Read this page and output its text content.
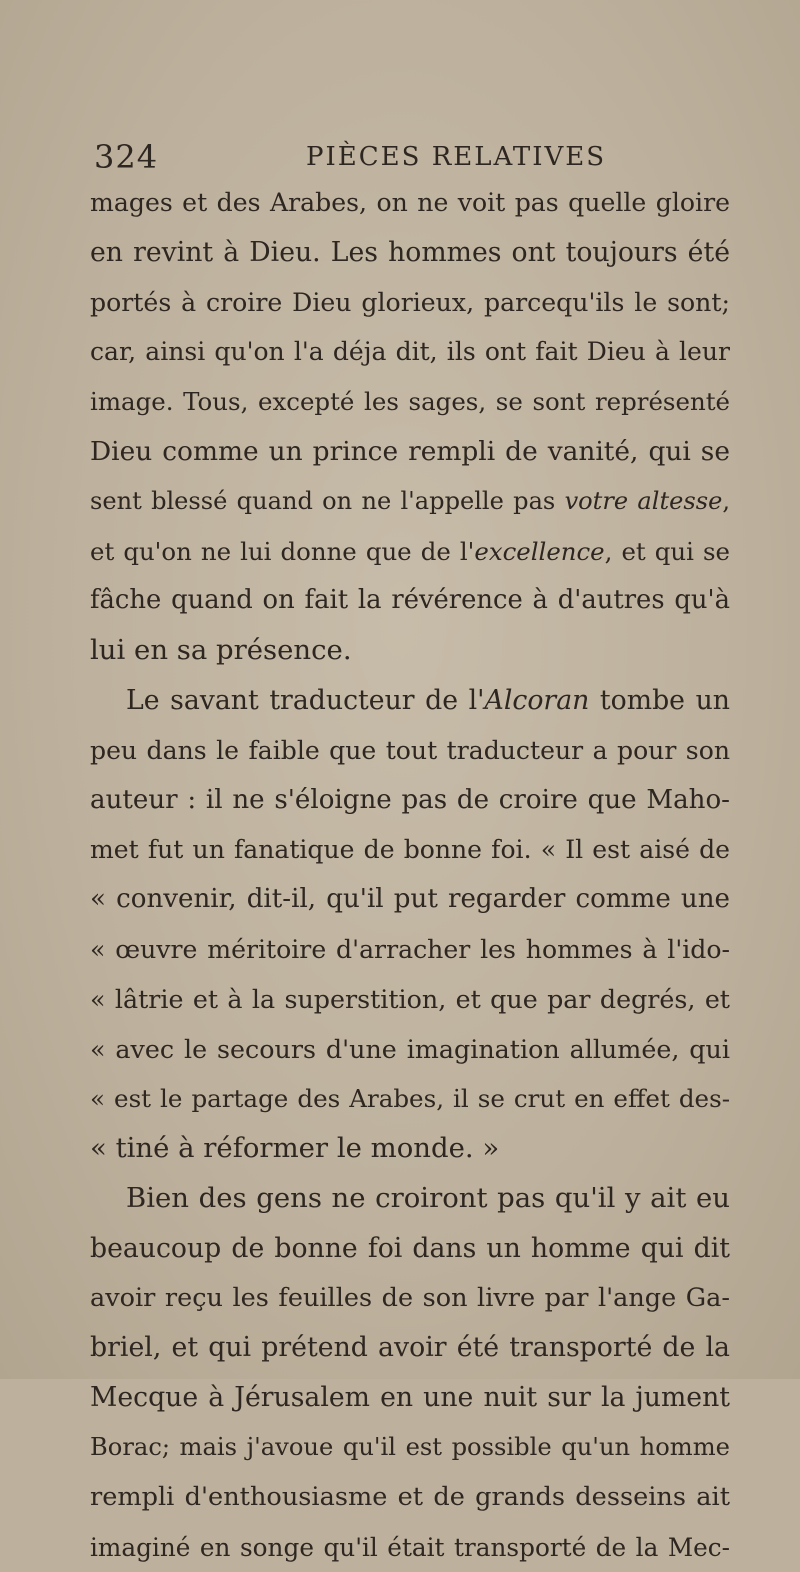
324	PIÈCES RELATIVES
mages et des Arabes, on ne voit pas quelle gloire
en revint à Dieu. Les hommes ont toujours été
portés à croire Dieu glorieux, parcequ'ils le sont;
car, ainsi qu'on l'a déja dit, ils ont fait Dieu à leur
image. Tous, excepté les sages, se sont représenté
Dieu comme un prince rempli de vanité, qui se
sent blessé quand on ne l'appelle pas votre altesse,
et qu'on ne lui donne que de l'excellence, et qui se
fâche quand on fait la révérence à d'autres qu'à
lui en sa présence.
Le savant traducteur de l'Alcoran tombe un
peu dans le faible que tout traducteur a pour son
auteur : il ne s'éloigne pas de croire que Maho-
met fut un fanatique de bonne foi. « Il est aisé de
« convenir, dit-il, qu'il put regarder comme une
« œuvre méritoire d'arracher les hommes à l'ido-
« lâtrie et à la superstition, et que par degrés, et
« avec le secours d'une imagination allumée, qui
« est le partage des Arabes, il se crut en effet des-
« tiné à réformer le monde. »
Bien des gens ne croiront pas qu'il y ait eu
beaucoup de bonne foi dans un homme qui dit
avoir reçu les feuilles de son livre par l'ange Ga-
briel, et qui prétend avoir été transporté de la
Mecque à Jérusalem en une nuit sur la jument
Borac; mais j'avoue qu'il est possible qu'un homme
rempli d'enthousiasme et de grands desseins ait
imaginé en songe qu'il était transporté de la Mec-
